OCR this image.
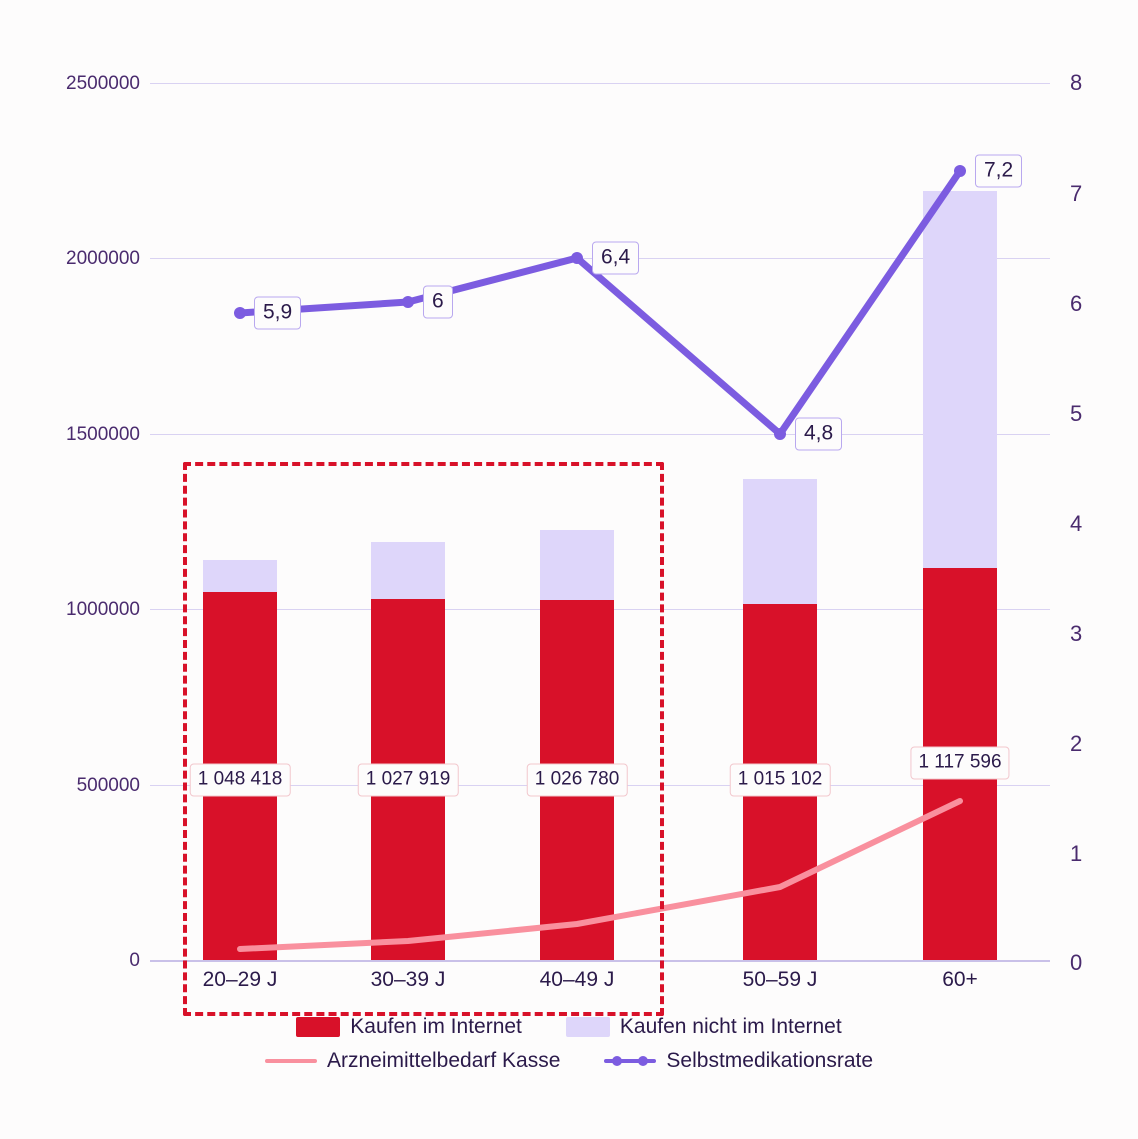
1 048 418	1 027 919	1 026 780	1 015 102
1 117 596
5,9	6
6,4
4,8
7,2
2500000
2000000
1500000
1000000
500000
0
8
7
6
5
4
3
2
1
0
20–29 J	30–39 J	40–49 J	50–59 J	60+
Kaufen im Internet	Kaufen nicht im Internet
Arzneimittelbedarf Kasse	Selbstmedikationsrate
